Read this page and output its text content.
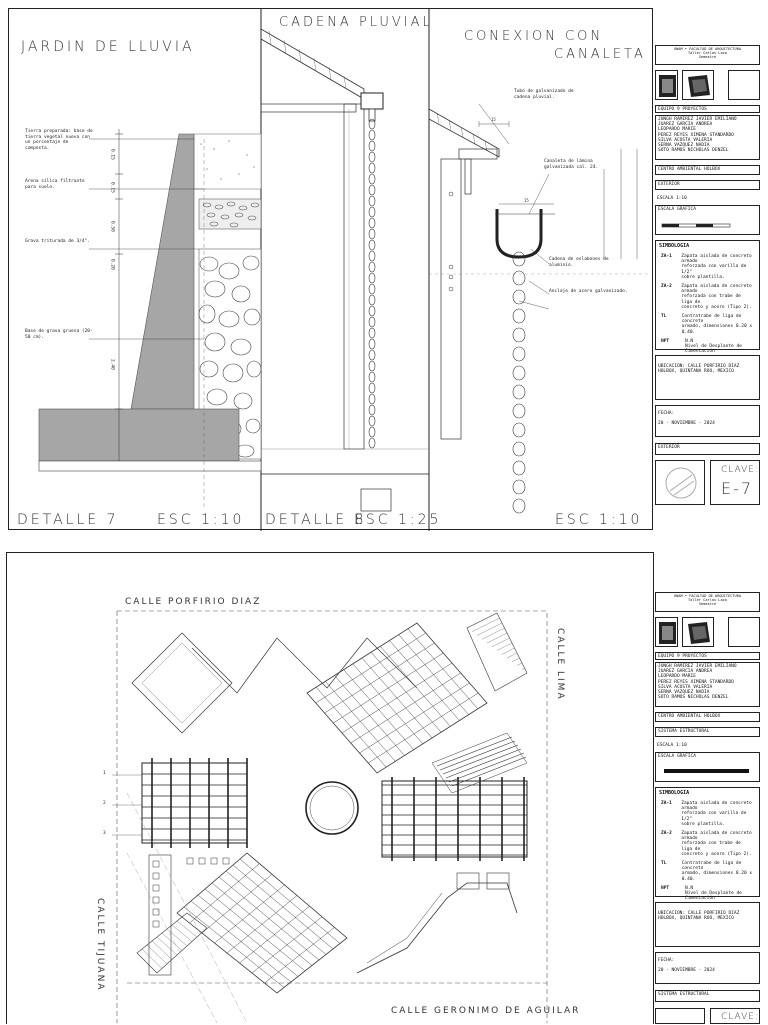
15
15
JARDIN DE LLUVIA
CADENA PLUVIAL
CONEXION CON
CANALETA
DETALLE 7	ESC 1:10 DETALLE 8
ESC 1:25	ESC 1:10
Tierra preparada: base de tierra vegetal nueva con un porcentaje de composta.
Arena sílica filtrante para suelo.
Grava triturada de 3/4".
Base de grava gruesa (20-50 cm).
0.15
0.15
0.50
0.20
2.40
Tubo de galvanizado de cadena pluvial.
Canaleta de lámina galvanizada cal. 24.
Cadena de eslabones de aluminio.
Anclaje de acero galvanizado.
UNAM • FACULTAD DE ARQUITECTURA
Taller Carlos Lazo
Semestre
EQUIPO 9 PROYECTOS
JUNGH RAMIREZ JAVIER EMILIANO
JUAREZ GARCIA ANDREA
LEOPARDO MARIE
PEREZ REYES XIMENA STANDARDO
SILVA ACOSTA VALERIA
SERNA VAZQUEZ NADIA
SOTO RAMOS NICHOLAS DENZEL
CENTRO AMBIENTAL HOLBOX
EXTERIOR
ESCALA 1:10
ESCALA GRAFICA
SIMBOLOGIA
ZA-1	Zapata aislada de concreto armado
reforzada con varilla de 1/2"
sobre plantilla.
ZA-2	Zapata aislada de concreto armado
reforzada con trabe de liga de
concreto y acero (Tipo 2).
TL	Contratrabe de liga de concreto
armado, dimensiones 0.20 x 0.40.
NPT	N.N
Nivel de Desplante de
Cimentación
UBICACION: CALLE PORFIRIO DIAZ
HOLBOX, QUINTANA ROO, MEXICO
FECHA:
20 - NOVIEMBRE - 2024
EXTERIOR
CLAVE:
E-7
1
2
3
CALLE PORFIRIO DIAZ
CALLE LIMA
CALLE TIJUANA
CALLE GERONIMO DE AGUILAR
UNAM • FACULTAD DE ARQUITECTURA
Taller Carlos Lazo
Semestre
EQUIPO 9 PROYECTOS
JUNGH RAMIREZ JAVIER EMILIANO
JUAREZ GARCIA ANDREA
LEOPARDO MARIE
PEREZ REYES XIMENA STANDARDO
SILVA ACOSTA VALERIA
SERNA VAZQUEZ NADIA
SOTO RAMOS NICHOLAS DENZEL
CENTRO AMBIENTAL HOLBOX
SISTEMA ESTRUCTURAL
ESCALA 1:10
ESCALA GRAFICA
SIMBOLOGIA
ZA-1	Zapata aislada de concreto armado
reforzada con varilla de 1/2"
sobre plantilla.
ZA-2	Zapata aislada de concreto armado
reforzada con trabe de liga de
concreto y acero (Tipo 2).
TL	Contratrabe de liga de concreto
armado, dimensiones 0.20 x 0.40.
NPT	N.N
Nivel de Desplante de
Cimentación
UBICACION: CALLE PORFIRIO DIAZ
HOLBOX, QUINTANA ROO, MEXICO
FECHA:
20 - NOVIEMBRE - 2024
SISTEMA ESTRUCTURAL
CLAVE:
